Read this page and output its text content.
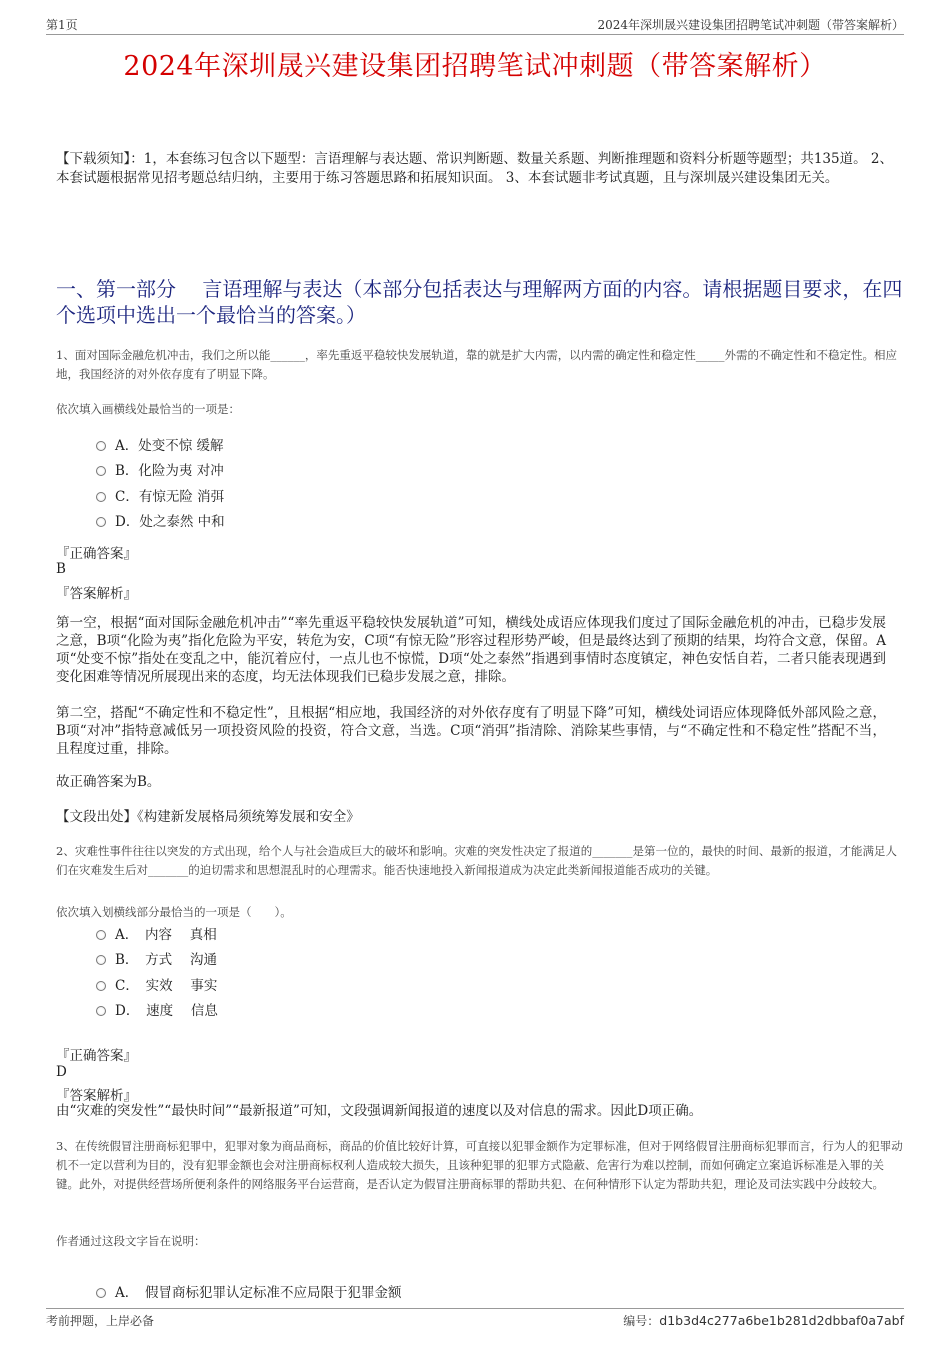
第1页	2024年深圳晟兴建设集团招聘笔试冲刺题（带答案解析）
2024年深圳晟兴建设集团招聘笔试冲刺题（带答案解析）
【下载须知】：1，本套练习包含以下题型：言语理解与表达题、常识判断题、数量关系题、判断推理题和资料分析题等题型；共135道。 2、本套试题根据常见招考题总结归纳，主要用于练习答题思路和拓展知识面。 3、本套试题非考试真题，且与深圳晟兴建设集团无关。
一、第一部分　 言语理解与表达（本部分包括表达与理解两方面的内容。请根据题目要求，在四个选项中选出一个最恰当的答案。）
1、面对国际金融危机冲击，我们之所以能______，率先重返平稳较快发展轨道，靠的就是扩大内需，以内需的确定性和稳定性_____外需的不确定性和不稳定性。相应地，我国经济的对外依存度有了明显下降。
依次填入画横线处最恰当的一项是：
A．处变不惊 缓解
B．化险为夷 对冲
C．有惊无险 消弭
D．处之泰然 中和
『正确答案』
B
『答案解析』
第一空，根据“面对国际金融危机冲击”“率先重返平稳较快发展轨道”可知，横线处成语应体现我们度过了国际金融危机的冲击，已稳步发展之意，B项“化险为夷”指化危险为平安，转危为安，C项“有惊无险”形容过程形势严峻，但是最终达到了预期的结果，均符合文意，保留。A项“处变不惊”指处在变乱之中，能沉着应付，一点儿也不惊慌，D项“处之泰然”指遇到事情时态度镇定，神色安恬自若，二者只能表现遇到变化困难等情况所展现出来的态度，均无法体现我们已稳步发展之意，排除。
第二空，搭配“不确定性和不稳定性”，且根据“相应地，我国经济的对外依存度有了明显下降”可知，横线处词语应体现降低外部风险之意，B项“对冲”指特意减低另一项投资风险的投资，符合文意，当选。C项“消弭”指清除、消除某些事情，与“不确定性和不稳定性”搭配不当，且程度过重，排除。
故正确答案为B。
【文段出处】《构建新发展格局须统筹发展和安全》
2、灾难性事件往往以突发的方式出现，给个人与社会造成巨大的破坏和影响。灾难的突发性决定了报道的_______是第一位的，最快的时间、最新的报道，才能满足人们在灾难发生后对_______的迫切需求和思想混乱时的心理需求。能否快速地投入新闻报道成为决定此类新闻报道能否成功的关键。
依次填入划横线部分最恰当的一项是（　　）。
A．　内容　 真相
B．　方式　 沟通
C．　实效　 事实
D．　速度　 信息
『正确答案』
D
『答案解析』
由“灾难的突发性”“最快时间”“最新报道”可知，文段强调新闻报道的速度以及对信息的需求。因此D项正确。
3、在传统假冒注册商标犯罪中，犯罪对象为商品商标，商品的价值比较好计算，可直接以犯罪金额作为定罪标准，但对于网络假冒注册商标犯罪而言，行为人的犯罪动机不一定以营利为目的，没有犯罪金额也会对注册商标权利人造成较大损失，且该种犯罪的犯罪方式隐蔽、危害行为难以控制，而如何确定立案追诉标准是入罪的关键。此外，对提供经营场所便利条件的网络服务平台运营商，是否认定为假冒注册商标罪的帮助共犯、在何种情形下认定为帮助共犯，理论及司法实践中分歧较大。
作者通过这段文字旨在说明：
A．　假冒商标犯罪认定标准不应局限于犯罪金额
考前押题，上岸必备	编号：d1b3d4c277a6be1b281d2dbbaf0a7abf
